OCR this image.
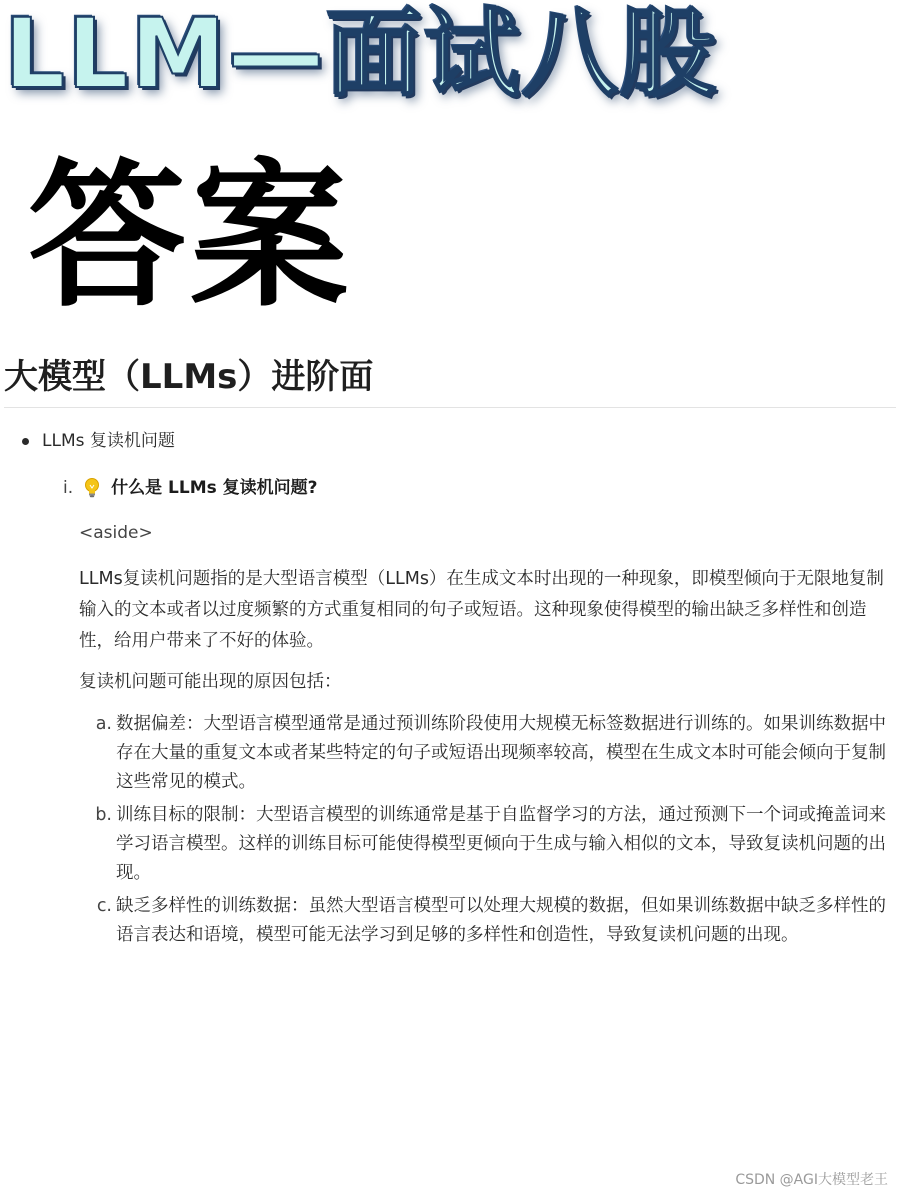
LLM—面试八股
答案
大模型（LLMs）进阶面
LLMs 复读机问题
i. 什么是 LLMs 复读机问题?
<aside>

LLMs复读机问题指的是大型语言模型（LLMs）在生成文本时出现的一种现象，即模型倾向于无限地复制输入的文本或者以过度频繁的方式重复相同的句子或短语。这种现象使得模型的输出缺乏多样性和创造性，给用户带来了不好的体验。

复读机问题可能出现的原因包括：

a. 数据偏差：大型语言模型通常是通过预训练阶段使用大规模无标签数据进行训练的。如果训练数据中存在大量的重复文本或者某些特定的句子或短语出现频率较高，模型在生成文本时可能会倾向于复制这些常见的模式。
b. 训练目标的限制：大型语言模型的训练通常是基于自监督学习的方法，通过预测下一个词或掩盖词来学习语言模型。这样的训练目标可能使得模型更倾向于生成与输入相似的文本，导致复读机问题的出现。
c. 缺乏多样性的训练数据：虽然大型语言模型可以处理大规模的数据，但如果训练数据中缺乏多样性的语言表达和语境，模型可能无法学习到足够的多样性和创造性，导致复读机问题的出现。
CSDN @AGI大模型老王
